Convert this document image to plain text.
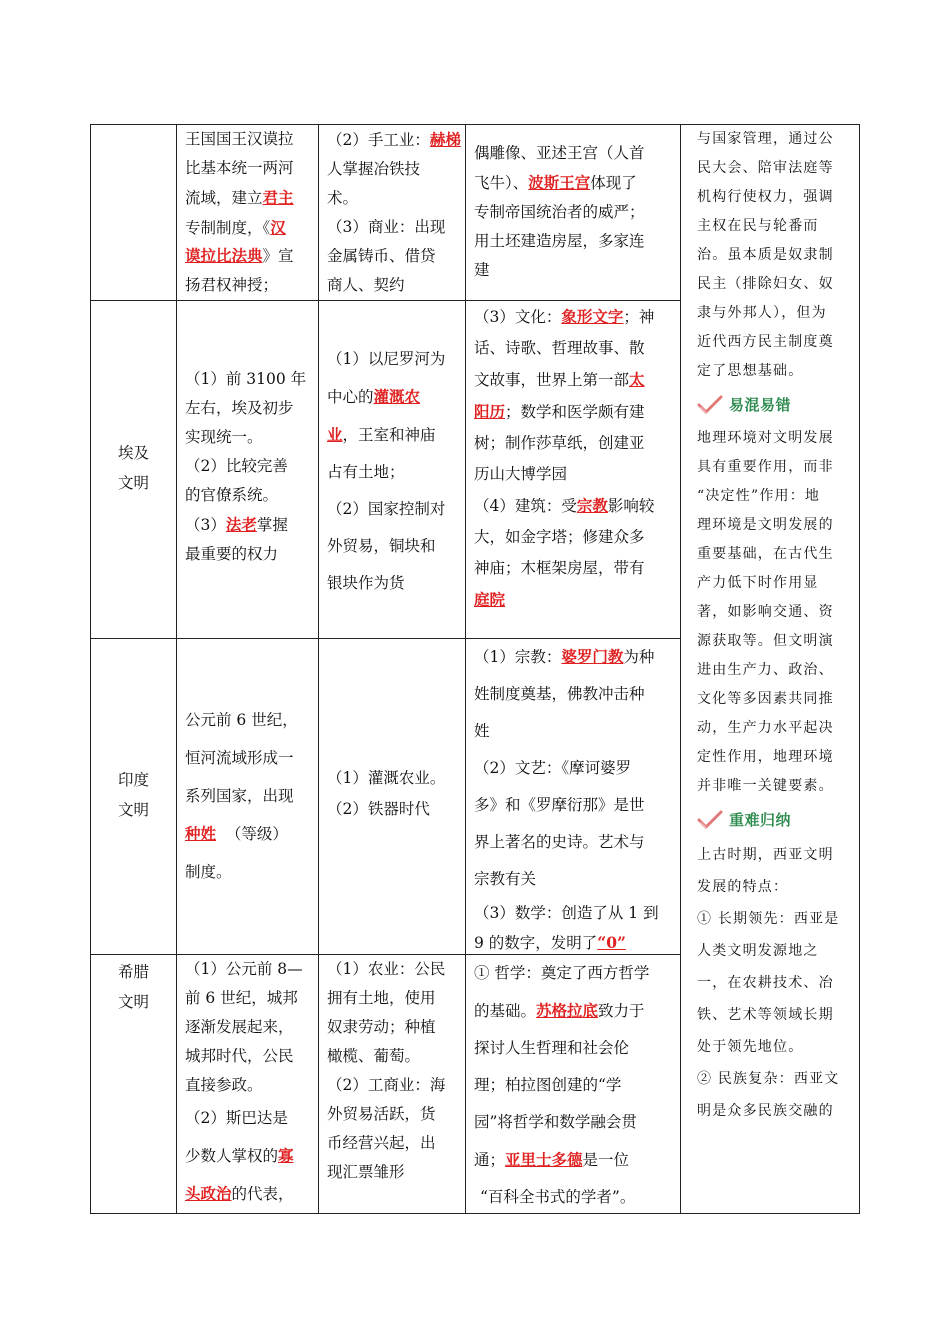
王国国王汉谟拉
比基本统一两河
流域，建立君主
专制制度，《汉
谟拉比法典》宣
扬君权神授；
（2）手工业：赫梯
人掌握冶铁技
术。
（3）商业：出现
金属铸币、借贷
商人、契约
偶雕像、亚述王宫（人首
飞牛）、波斯王宫体现了
专制帝国统治者的威严；
用土坯建造房屋，多家连
建
埃及
文明
（1）前 3100 年
左右，埃及初步
实现统一。
（2）比较完善
的官僚系统。
（3）法老掌握
最重要的权力
（1）以尼罗河为
中心的灌溉农
业，王室和神庙
占有土地；
（2）国家控制对
外贸易，铜块和
银块作为货
（3）文化：象形文字；神
话、诗歌、哲理故事、散
文故事，世界上第一部太
阳历；数学和医学颇有建
树；制作莎草纸，创建亚
历山大博学园
（4）建筑：受宗教影响较
大，如金字塔；修建众多
神庙；木框架房屋，带有
庭院
印度
文明
公元前 6 世纪，
恒河流域形成一
系列国家，出现
种姓 （等级）
制度。
（1）灌溉农业。
（2）铁器时代
（1）宗教：婆罗门教为种
姓制度奠基，佛教冲击种
姓
（2）文艺：《摩诃婆罗
多》和《罗摩衍那》是世
界上著名的史诗。艺术与
宗教有关
（3）数学：创造了从 1 到
9 的数字，发明了“0”
希腊
文明
（1）公元前 8—
前 6 世纪，城邦
逐渐发展起来，
城邦时代，公民
直接参政。
（2）斯巴达是
少数人掌权的寡
头政治的代表，
（1）农业：公民
拥有土地，使用
奴隶劳动；种植
橄榄、葡萄。
（2）工商业：海
外贸易活跃，货
币经营兴起，出
现汇票雏形
① 哲学：奠定了西方哲学
的基础。苏格拉底致力于
探讨人生哲理和社会伦
理；柏拉图创建的“学
园”将哲学和数学融会贯
通；亚里士多德是一位
“百科全书式的学者”。
与国家管理，通过公
民大会、陪审法庭等
机构行使权力，强调
主权在民与轮番而
治。虽本质是奴隶制
民主（排除妇女、奴
隶与外邦人），但为
近代西方民主制度奠
定了思想基础。
易混易错
地理环境对文明发展
具有重要作用，而非
“决定性”作用：地
理环境是文明发展的
重要基础，在古代生
产力低下时作用显
著，如影响交通、资
源获取等。但文明演
进由生产力、政治、
文化等多因素共同推
动，生产力水平起决
定性作用，地理环境
并非唯一关键要素。
重难归纳
上古时期，西亚文明
发展的特点：
① 长期领先：西亚是
人类文明发源地之
一，在农耕技术、冶
铁、艺术等领域长期
处于领先地位。
② 民族复杂：西亚文
明是众多民族交融的
